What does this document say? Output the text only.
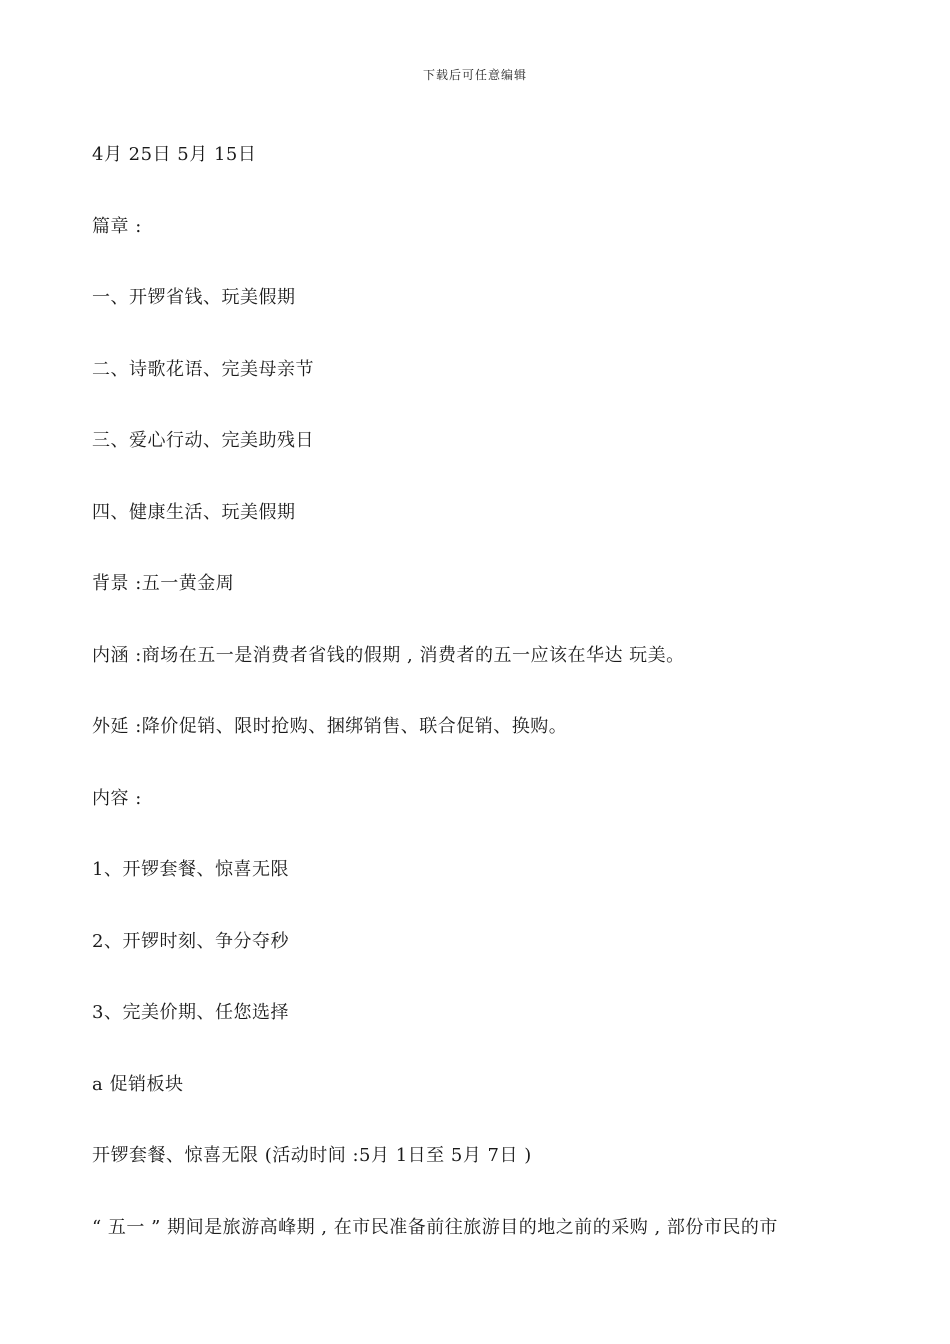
下载后可任意编辑
4月 25日 5月 15日
篇章 :
一、开锣省钱、玩美假期
二、诗歌花语、完美母亲节
三、爱心行动、完美助残日
四、健康生活、玩美假期
背景 :五一黄金周
内涵 :商场在五一是消费者省钱的假期 , 消费者的五一应该在华达 玩美。
外延 :降价促销、限时抢购、捆绑销售、联合促销、换购。
内容 :
1、开锣套餐、惊喜无限
2、开锣时刻、争分夺秒
3、完美价期、任您选择
a 促销板块
开锣套餐、惊喜无限 (活动时间 :5月 1日至 5月 7日 )
“ 五一 ” 期间是旅游高峰期 , 在市民准备前往旅游目的地之前的采购 , 部份市民的市
